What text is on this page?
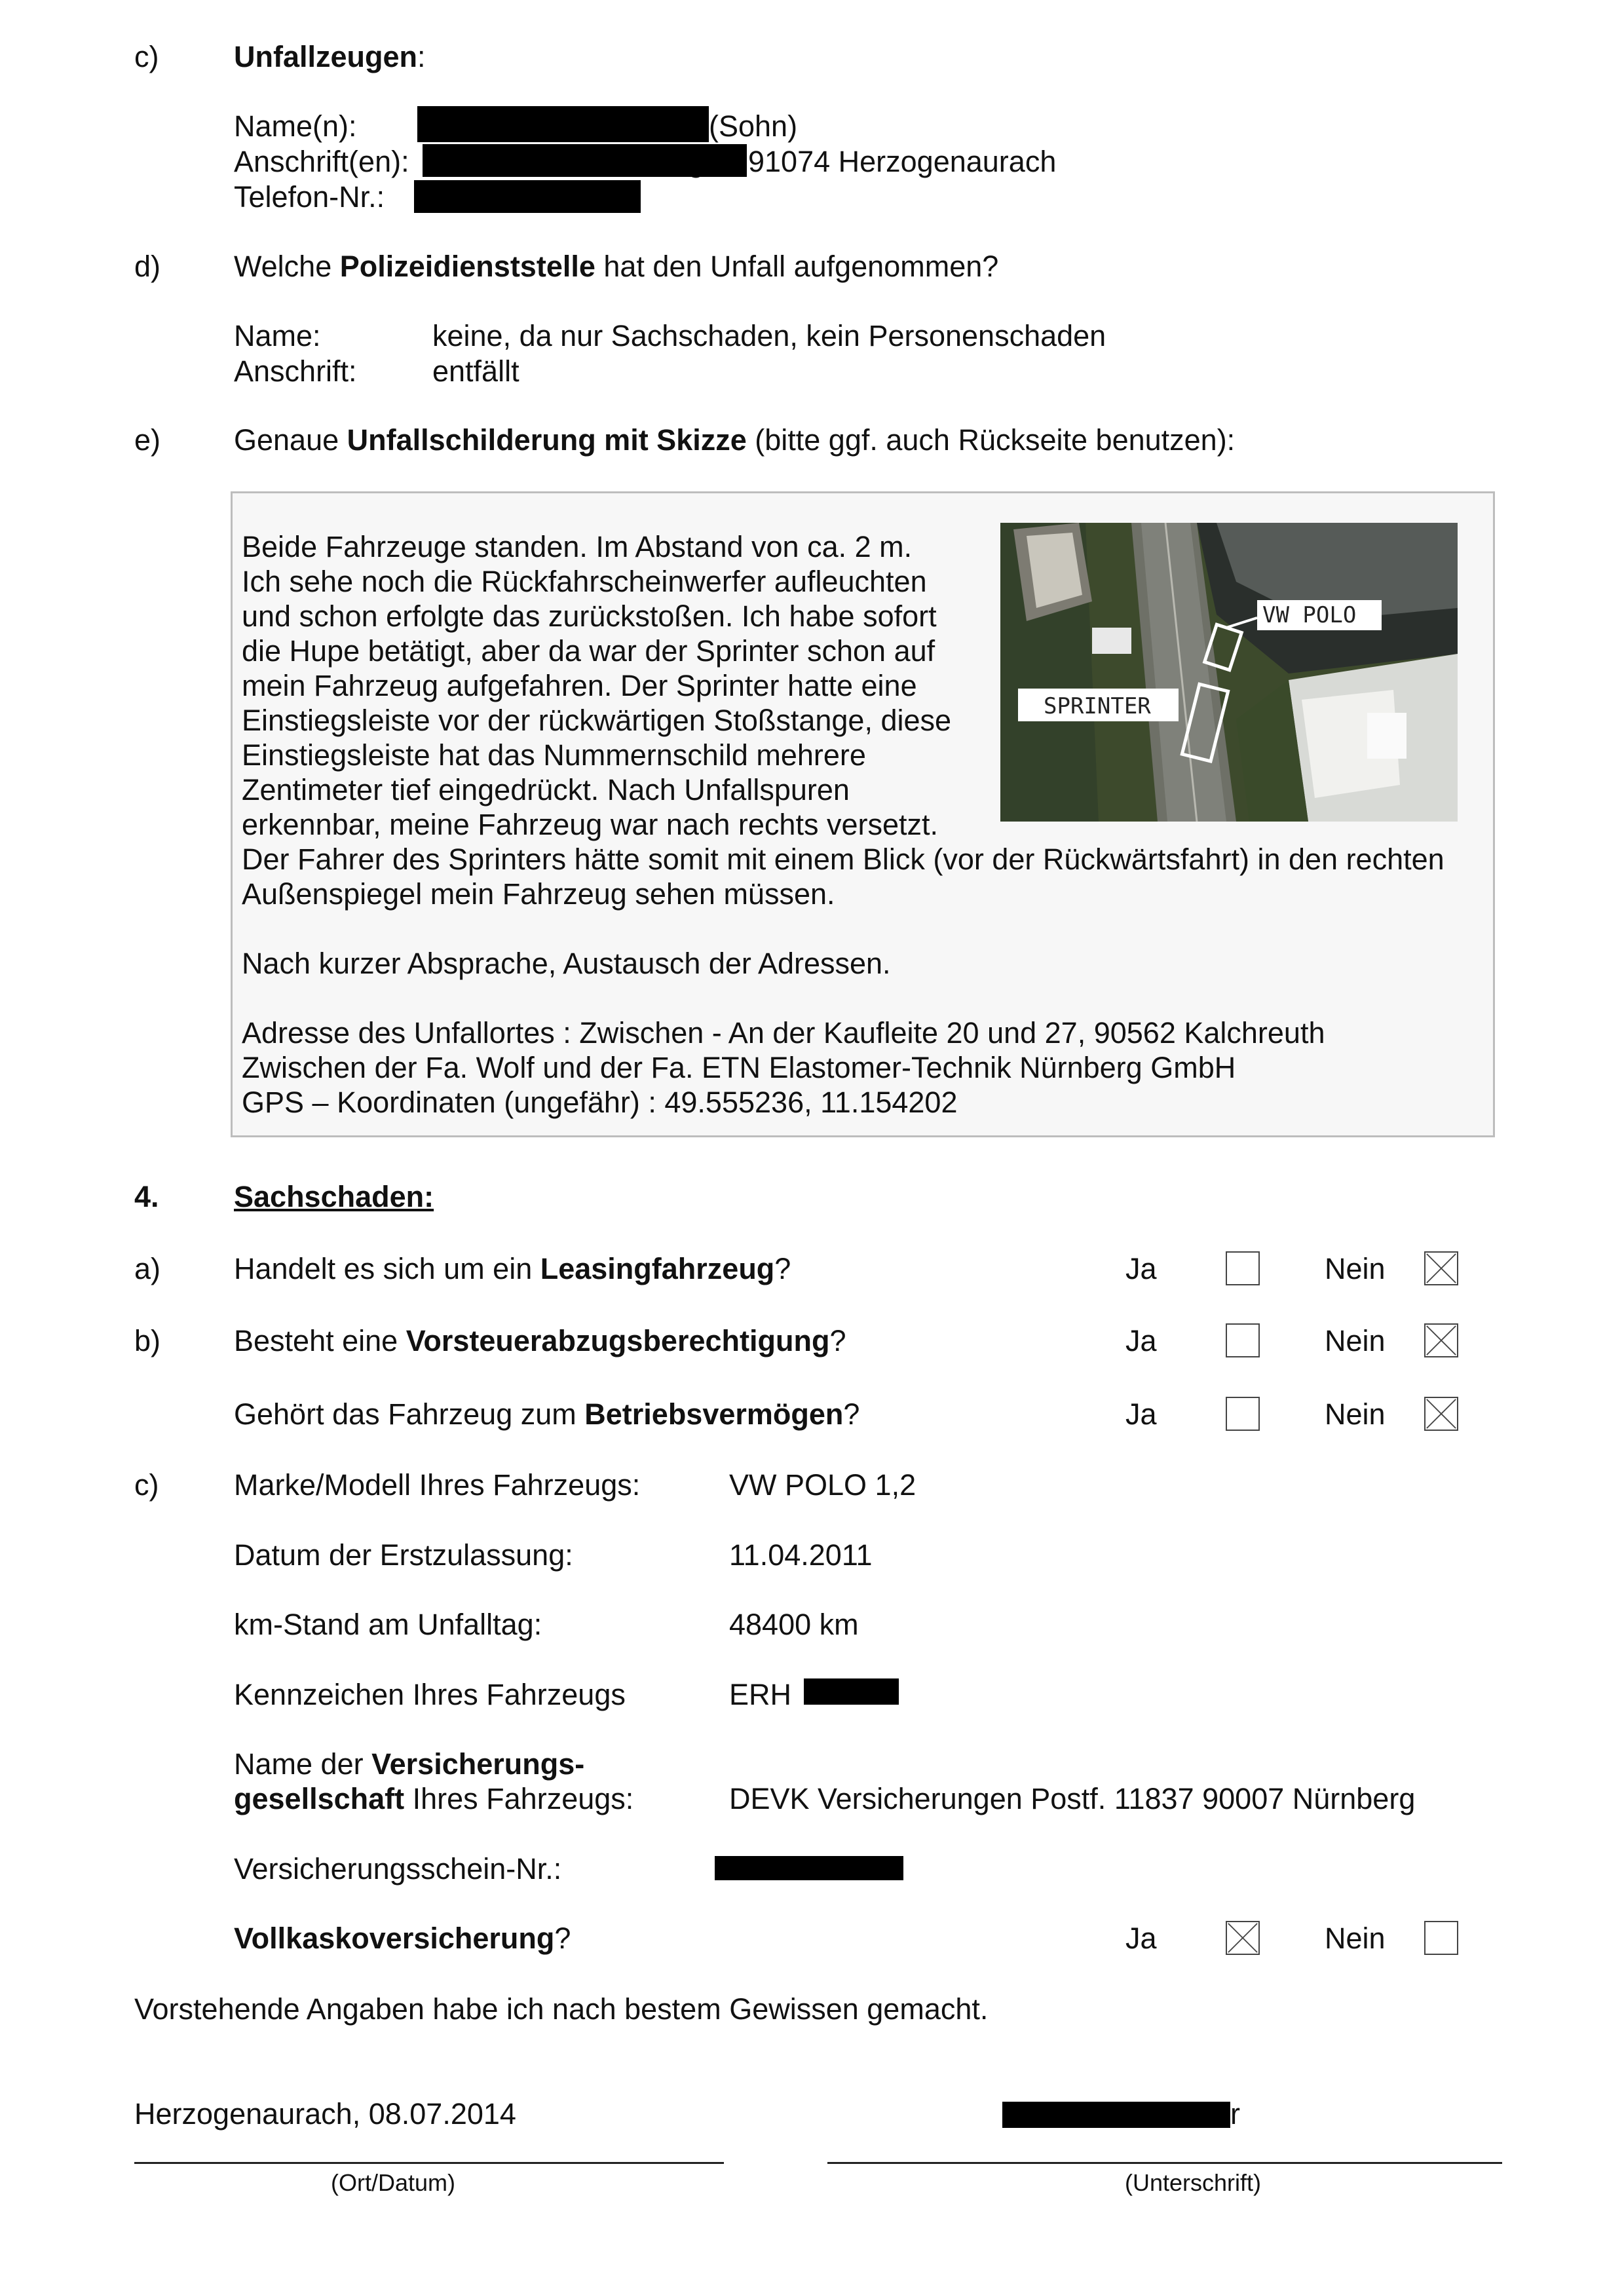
c)	Unfallzeugen:
Name(n):	(Sohn)
Anschrift(en):	91074 Herzogenaurach
Telefon-Nr.:
d) Welche Polizeidienststelle hat den Unfall aufgenommen?
Name:	keine, da nur Sachschaden, kein Personenschaden
Anschrift:	entfällt
e) Genaue Unfallschilderung mit Skizze (bitte ggf. auch Rückseite benutzen):
Beide Fahrzeuge standen. Im Abstand von ca. 2 m.
Ich sehe noch die Rückfahrscheinwerfer aufleuchten
und schon erfolgte das zurückstoßen. Ich habe sofort
die Hupe betätigt, aber da war der Sprinter schon auf
mein Fahrzeug aufgefahren. Der Sprinter hatte eine
Einstiegsleiste vor der rückwärtigen Stoßstange, diese
Einstiegsleiste hat das Nummernschild mehrere
Zentimeter tief eingedrückt. Nach Unfallspuren
erkennbar, meine Fahrzeug war nach rechts versetzt.
Der Fahrer des Sprinters hätte somit mit einem Blick (vor der Rückwärtsfahrt) in den rechten
Außenspiegel mein Fahrzeug sehen müssen.
Nach kurzer Absprache, Austausch der Adressen.
Adresse des Unfallortes : Zwischen - An der Kaufleite 20 und 27, 90562 Kalchreuth
Zwischen der Fa. Wolf und der Fa. ETN Elastomer-Technik Nürnberg GmbH
GPS – Koordinaten (ungefähr) : 49.555236, 11.154202
VW POLO
SPRINTER
4.	Sachschaden:
a) Handelt es sich um ein Leasingfahrzeug?	Ja	Nein
b) Besteht eine Vorsteuerabzugsberechtigung?	Ja	Nein
Gehört das Fahrzeug zum Betriebsvermögen?	Ja	Nein
c)	Marke/Modell Ihres Fahrzeugs:	VW POLO 1,2
Datum der Erstzulassung:	11.04.2011
km-Stand am Unfalltag:	48400 km
Kennzeichen Ihres Fahrzeugs	ERH
Name der Versicherungs-
gesellschaft Ihres Fahrzeugs:	DEVK Versicherungen Postf. 11837 90007 Nürnberg
Versicherungsschein-Nr.:
Vollkaskoversicherung?	Ja	Nein
Vorstehende Angaben habe ich nach bestem Gewissen gemacht.
Herzogenaurach, 08.07.2014	r
(Ort/Datum)	(Unterschrift)
